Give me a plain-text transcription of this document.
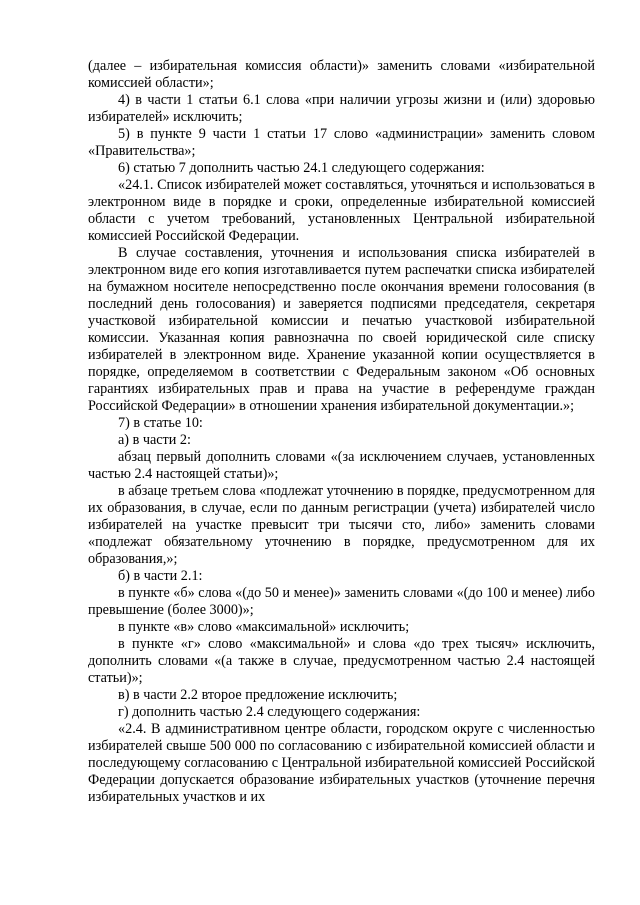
(далее – избирательная комиссия области)» заменить словами «избирательной комиссией области»;

4) в части 1 статьи 6.1 слова «при наличии угрозы жизни и (или) здоровью избирателей» исключить;

5) в пункте 9 части 1 статьи 17 слово «администрации» заменить словом «Правительства»;

6) статью 7 дополнить частью 24.1 следующего содержания:

«24.1. Список избирателей может составляться, уточняться и использоваться в электронном виде в порядке и сроки, определенные избирательной комиссией области с учетом требований, установленных Центральной избирательной комиссией Российской Федерации.

В случае составления, уточнения и использования списка избирателей в электронном виде его копия изготавливается путем распечатки списка избирателей на бумажном носителе непосредственно после окончания времени голосования (в последний день голосования) и заверяется подписями председателя, секретаря участковой избирательной комиссии и печатью участковой избирательной комиссии. Указанная копия равнозначна по своей юридической силе списку избирателей в электронном виде. Хранение указанной копии осуществляется в порядке, определяемом в соответствии с Федеральным законом «Об основных гарантиях избирательных прав и права на участие в референдуме граждан Российской Федерации» в отношении хранения избирательной документации.»;

7) в статье 10:

а) в части 2:

абзац первый дополнить словами «(за исключением случаев, установленных частью 2.4 настоящей статьи)»;

в абзаце третьем слова «подлежат уточнению в порядке, предусмотренном для их образования, в случае, если по данным регистрации (учета) избирателей число избирателей на участке превысит три тысячи сто, либо» заменить словами «подлежат обязательному уточнению в порядке, предусмотренном для их образования,»;

б) в части 2.1:

в пункте «б» слова «(до 50 и менее)» заменить словами «(до 100 и менее) либо превышение (более 3000)»;

в пункте «в» слово «максимальной» исключить;

в пункте «г» слово «максимальной» и слова «до трех тысяч» исключить, дополнить словами «(а также в случае, предусмотренном частью 2.4 настоящей статьи)»;

в) в части 2.2 второе предложение исключить;

г) дополнить частью 2.4 следующего содержания:

«2.4. В административном центре области, городском округе с численностью избирателей свыше 500 000 по согласованию с избирательной комиссией области и последующему согласованию с Центральной избирательной комиссией Российской Федерации допускается образование избирательных участков (уточнение перечня избирательных участков и их
